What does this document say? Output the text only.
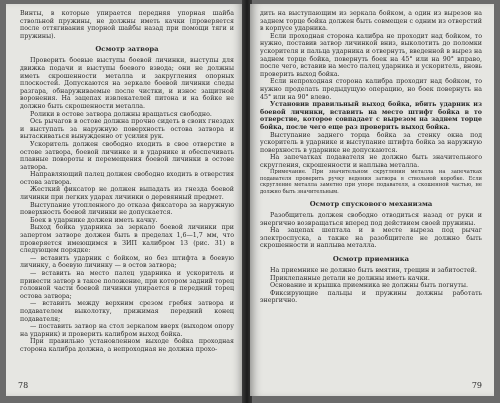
Винты, в которые упирается передняя упорная шайба ствольной пружины, не должны иметь качки (проверяется после оттягивания упорной шайбы назад при помощи тяги и пружины).

Осмотр затвора

Проверить боевые выступы боевой личинки, выступы для движка подачи и выступы боевого взвода; они не должны иметь скрошенности металла и закругления опорных плоскостей. Допускаются на зеркале боевой личинки следы разгара, обнаруживаемые после чистки, и износ защитной воронения. На зацепах извлекателей питона и на бойке не должно быть скрошенности металла.

Ролики в остове затвора должны вращаться свободно.

Ось рычагов в остове должна прочно сидеть в своих гнездах и выступать за наружную поверхность остова затвора и вытаскиваться вынужденно от усилия рук.

Ускоритель должен свободно входить в свое отверстие в остове затвора, боевой личинке и в ударнике и обеспечивать плавные повороты и перемещения боевой личинки в остове затвора.

Направляющий палец должен свободно входить в отверстия остова затвора.

Жесткий фиксатор не должен выпадать из гнезда боевой личинки при легких ударах личинки о деревянный предмет.

Выступание утопленного до отказа фиксатора за наружную поверхность боевой личинки не допускается.

Боек в ударнике должен иметь качку.

Выход бойка ударника за зеркало боевой личинки при запертом затворе должен быть в пределах 1,6—1,7 мм, что проверяется имеющимся в ЗИП калибром 13 (рис. 31) в следующем порядке:

— вставить ударник с бойком, но без штифта в боевую личинку, а боевую личинку — в остов затвора;

— вставить на место палец ударника и ускоритель и привести затвор в такое положение, при котором задний торец головной части боевой личинки упирается в передний торец остова затвора;

— вставить между верхним срезом гребня затвора и подавателем выколотку, прижимая передний конец подавателя;

— поставить затвор на стол зеркалом вверх (выходом опору на ударник) и проверить калибром выход бойка.

При правильно установленном выходе бойка проходная сторона калибра должна, а непроходная не должна прохо-

78

дить на выступающим из зеркала бойком, а один из вырезов на заднем торце бойка должен быть совмещен с одним из отверстий в корпусе ударника.

Если проходная сторона калибра не проходит над бойком, то нужно, поставив затвор личинкой вниз, выколотить до поломки ускорителя и пальца ударника и отвернуть, введенной в вырез на заднем торце бойка, повернуть боек на 45° или на 90° вправо, после чего, вставив на место палец ударника и ускоритель, вновь проверить выход бойка.

Если непроходная сторона калибра проходит над бойком, то нужно проделать предыдущую операцию, но боек повернуть на 45° или на 90° влево.

Установив правильный выход бойка, вбить ударник из боевой личинки, вставить на место штифт бойка в то отверстие, которое совпадает с вырезом на заднем торце бойка, после чего еще раз проверить выход бойка.

Выступание заднего торца бойка за стенку окна под ускоритель в ударнике и выступание штифта бойка за наружную поверхность в ударнике не допускаются.

На запечатках подавателя не должно быть значительного скругления, скрошенности и наплыва металла.

Примечание. При значительном скруглении металла на запечатках подавателя проверить ручку ведения затвора в ствольной коробке. Если скругление металла заметно при упоре подавателя, а скошенной частью, не должно быть значительным.

Осмотр спускового механизма

Разобщитель должен свободно отводиться назад от руки и энергично возвращаться вперед под действием своей пружины.

На зацепах шептала и в месте выреза под рычаг электроспуска, а также на разобщителе не должно быть скрошенности и наплыва металла.

Осмотр приемника

На приемнике не должно быть вмятин, трещин и забитостей.

Приклепанные детали не должны иметь качки.

Основание и крышка приемника не должны быть погнуты.

Фиксирующие пальцы и пружины должны работать энергично.

79
